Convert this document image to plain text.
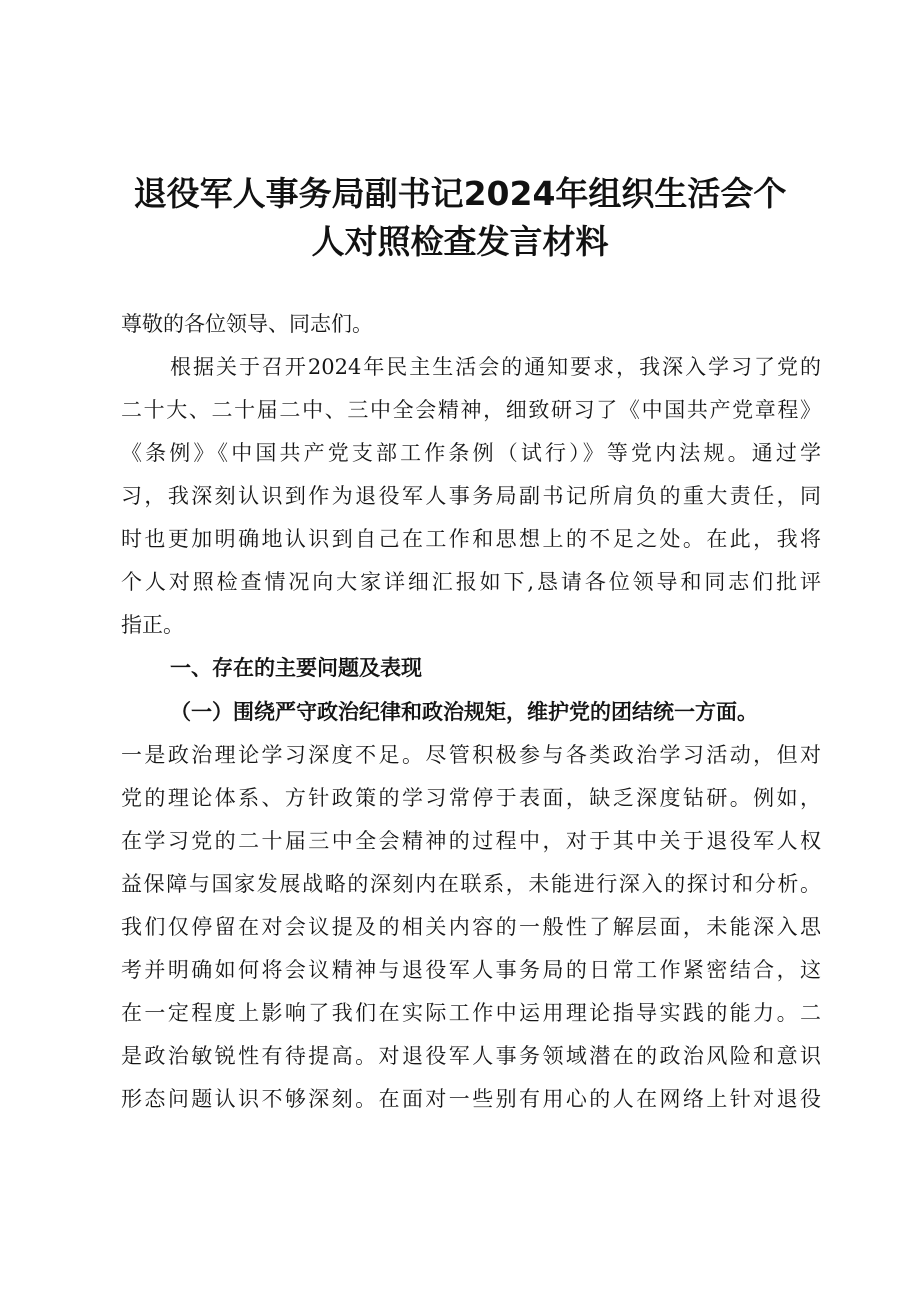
退役军人事务局副书记2024年组织生活会个
人对照检查发言材料
尊敬的各位领导、同志们。
根据关于召开2024年民主生活会的通知要求，我深入学习了党的
二十大、二十届二中、三中全会精神，细致研习了《中国共产党章程》
《条例》《中国共产党支部工作条例（试行）》等党内法规。通过学
习，我深刻认识到作为退役军人事务局副书记所肩负的重大责任，同
时也更加明确地认识到自己在工作和思想上的不足之处。在此，我将
个人对照检查情况向大家详细汇报如下,恳请各位领导和同志们批评
指正。
一、存在的主要问题及表现
（一）围绕严守政治纪律和政治规矩，维护党的团结统一方面。
一是政治理论学习深度不足。尽管积极参与各类政治学习活动，但对
党的理论体系、方针政策的学习常停于表面，缺乏深度钻研。例如，
在学习党的二十届三中全会精神的过程中，对于其中关于退役军人权
益保障与国家发展战略的深刻内在联系，未能进行深入的探讨和分析。
我们仅停留在对会议提及的相关内容的一般性了解层面，未能深入思
考并明确如何将会议精神与退役军人事务局的日常工作紧密结合，这
在一定程度上影响了我们在实际工作中运用理论指导实践的能力。二
是政治敏锐性有待提高。对退役军人事务领域潜在的政治风险和意识
形态问题认识不够深刻。在面对一些别有用心的人在网络上针对退役
